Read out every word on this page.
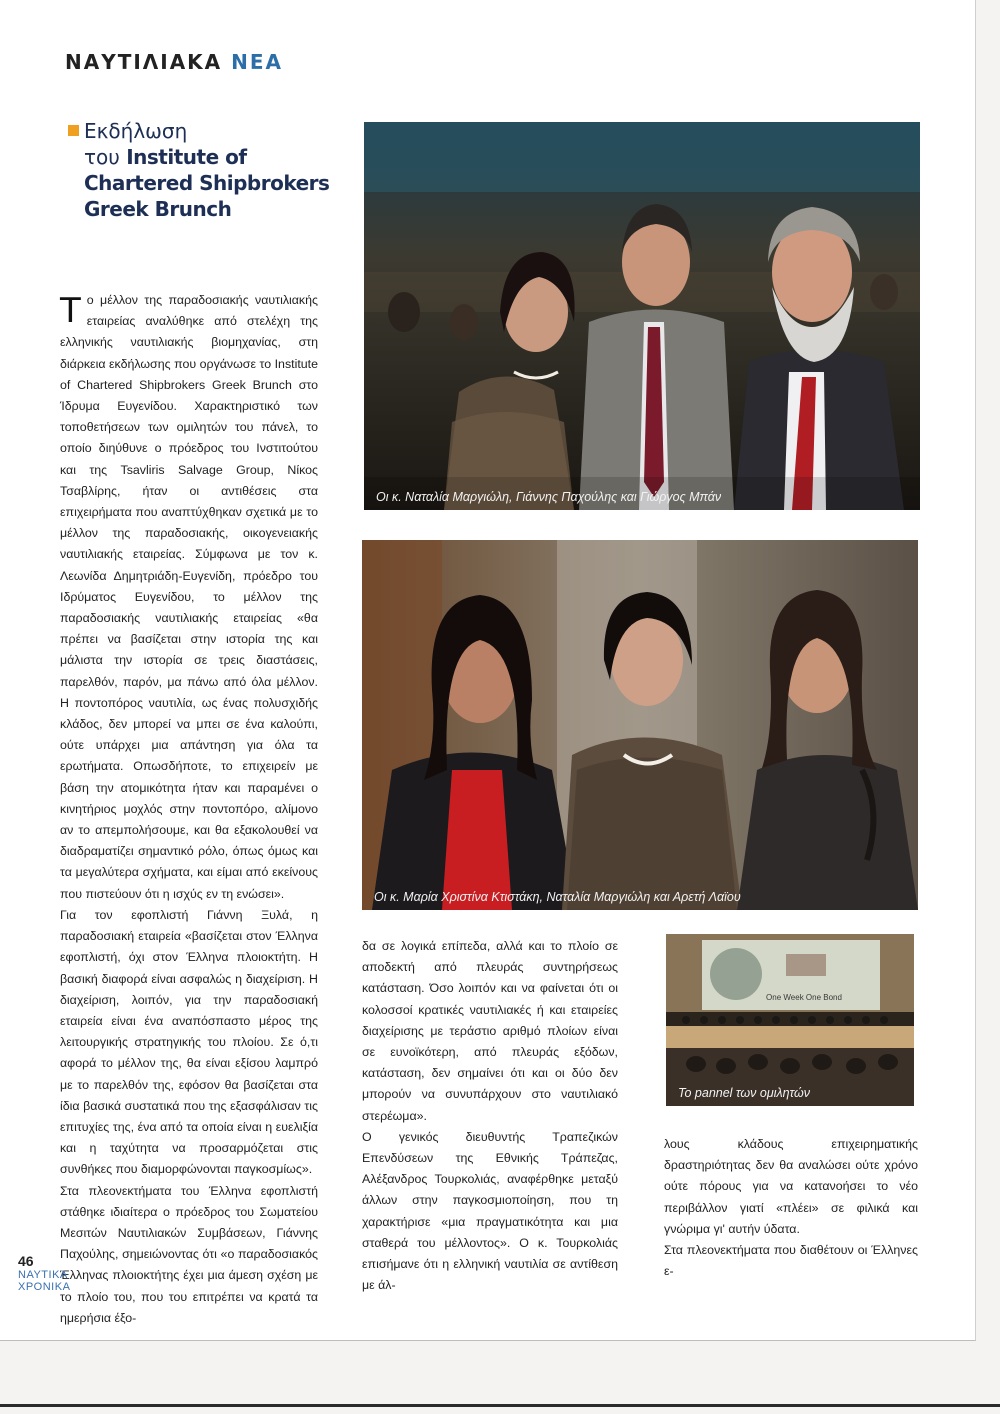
ΝΑΥΤΙΛΙΑΚΑ ΝΕΑ
Εκδήλωση
του Institute of
Chartered Shipbrokers
Greek Brunch

Το μέλλον της παραδοσιακής ναυτιλιακής εταιρείας αναλύθηκε από στελέχη της ελληνικής ναυτιλιακής βιομηχανίας, στη διάρκεια εκδήλωσης που οργάνωσε το Institute of Chartered Shipbrokers Greek Brunch στο Ίδρυμα Ευγενίδου. Χαρακτηριστικό των τοποθετήσεων των ομιλητών του πάνελ, το οποίο διηύθυνε ο πρόεδρος του Ινστιτούτου και της Tsavliris Salvage Group, Νίκος Τσαβλίρης, ήταν οι αντιθέσεις στα επιχειρήματα που αναπτύχθηκαν σχετικά με το μέλλον της παραδοσιακής, οικογενειακής ναυτιλιακής εταιρείας. Σύμφωνα με τον κ. Λεωνίδα Δημητριάδη-Ευγενίδη, πρόεδρο του Ιδρύματος Ευγενίδου, το μέλλον της παραδοσιακής ναυτιλιακής εταιρείας «θα πρέπει να βασίζεται στην ιστορία της και μάλιστα την ιστορία σε τρεις διαστάσεις, παρελθόν, παρόν, μα πάνω από όλα μέλλον. Η ποντοπόρος ναυτιλία, ως ένας πολυσχιδής κλάδος, δεν μπορεί να μπει σε ένα καλούπι, ούτε υπάρχει μια απάντηση για όλα τα ερωτήματα. Οπωσδήποτε, το επιχειρείν με βάση την ατομικότητα ήταν και παραμένει ο κινητήριος μοχλός στην ποντοπόρο, αλίμονο αν το απεμπολήσουμε, και θα εξακολουθεί να διαδραματίζει σημαντικό ρόλο, όπως όμως και τα μεγαλύτερα σχήματα, και είμαι από εκείνους που πιστεύουν ότι η ισχύς εν τη ενώσει».

Για τον εφοπλιστή Γιάννη Ξυλά, η παραδοσιακή εταιρεία «βασίζεται στον Έλληνα εφοπλιστή, όχι στον Έλληνα πλοιοκτήτη. Η βασική διαφορά είναι ασφαλώς η διαχείριση. Η διαχείριση, λοιπόν, για την παραδοσιακή εταιρεία είναι ένα αναπόσπαστο μέρος της λειτουργικής στρατηγικής του πλοίου. Σε ό,τι αφορά το μέλλον της, θα είναι εξίσου λαμπρό με το παρελθόν της, εφόσον θα βασίζεται στα ίδια βασικά συστατικά που της εξασφάλισαν τις επιτυχίες της, ένα από τα οποία είναι η ευελιξία και η ταχύτητα να προσαρμόζεται στις συνθήκες που διαμορφώνονται παγκοσμίως».

Στα πλεονεκτήματα του Έλληνα εφοπλιστή στάθηκε ιδιαίτερα ο πρόεδρος του Σωματείου Μεσιτών Ναυτιλιακών Συμβάσεων, Γιάννης Παχούλης, σημειώνοντας ότι «ο παραδοσιακός Έλληνας πλοιοκτήτης έχει μια άμεση σχέση με το πλοίο του, που του επιτρέπει να κρατά τα ημερήσια έξο-

δα σε λογικά επίπεδα, αλλά και το πλοίο σε αποδεκτή από πλευράς συντηρήσεως κατάσταση. Όσο λοιπόν και να φαίνεται ότι οι κολοσσοί κρατικές ναυτιλιακές ή και εταιρείες διαχείρισης με τεράστιο αριθμό πλοίων είναι σε ευνοϊκότερη, από πλευράς εξόδων, κατάσταση, δεν σημαίνει ότι και οι δύο δεν μπορούν να συνυπάρχουν στο ναυτιλιακό στερέωμα».

Ο γενικός διευθυντής Τραπεζικών Επενδύσεων της Εθνικής Τράπεζας, Αλέξανδρος Τουρκολιάς, αναφέρθηκε μεταξύ άλλων στην παγκοσμιοποίηση, που τη χαρακτήρισε «μια πραγματικότητα και μια σταθερά του μέλλοντος». Ο κ. Τουρκολιάς επισήμανε ότι η ελληνική ναυτιλία σε αντίθεση με άλ-

λους κλάδους επιχειρηματικής δραστηριότητας δεν θα αναλώσει ούτε χρόνο ούτε πόρους για να κατανοήσει το νέο περιβάλλον γιατί «πλέει» σε φιλικά και γνώριμα γι' αυτήν ύδατα.

Στα πλεονεκτήματα που διαθέτουν οι Έλληνες ε-

Οι κ. Ναταλία Μαργιώλη, Γιάννης Παχούλης και Γιώργος Μπάν
Οι κ. Μαρία Χριστίνα Κτιστάκη, Ναταλία Μαργιώλη και Αρετή Λαϊου
One Week One Bond
Το pannel των ομιλητών
46
ΝΑΥΤΙΚΑ
ΧΡΟΝΙΚΑ
